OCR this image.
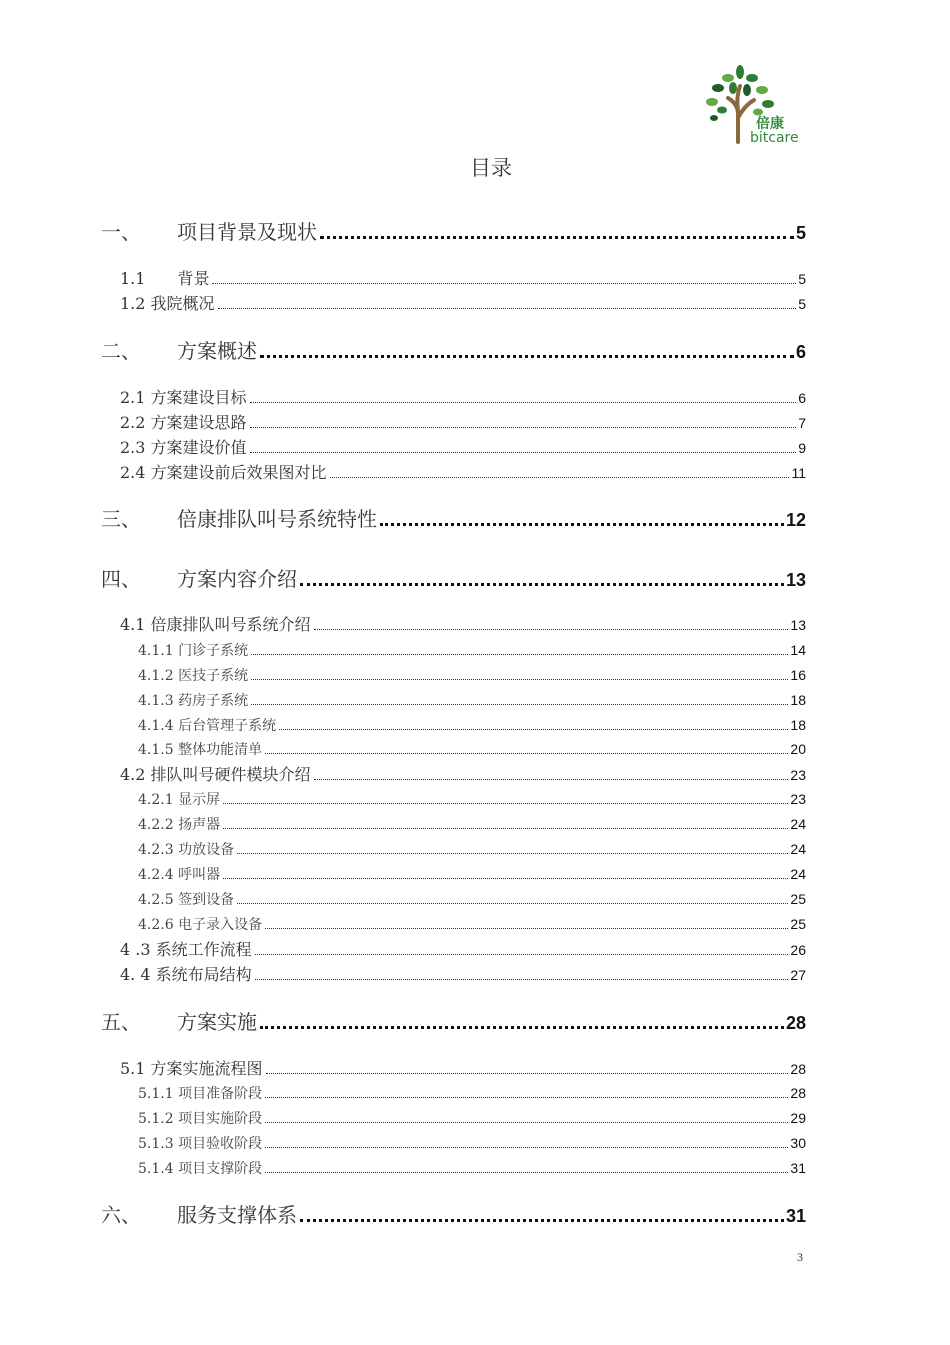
倍康
bitcare
目录
一、	项目背景及现状	5
1.1　　背景	5
1.2 我院概况	5
二、	方案概述	6
2.1 方案建设目标	6
2.2 方案建设思路	7
2.3 方案建设价值	9
2.4 方案建设前后效果图对比	11
三、	倍康排队叫号系统特性	12
四、	方案内容介绍	13
4.1 倍康排队叫号系统介绍	13
4.1.1 门诊子系统	14
4.1.2 医技子系统	16
4.1.3 药房子系统	18
4.1.4 后台管理子系统	18
4.1.5 整体功能清单	20
4.2 排队叫号硬件模块介绍	23
4.2.1 显示屏	23
4.2.2 扬声器	24
4.2.3 功放设备	24
4.2.4 呼叫器	24
4.2.5 签到设备	25
4.2.6 电子录入设备	25
4 .3 系统工作流程	26
4. 4 系统布局结构	27
五、	方案实施	28
5.1 方案实施流程图	28
5.1.1 项目准备阶段	28
5.1.2 项目实施阶段	29
5.1.3 项目验收阶段	30
5.1.4 项目支撑阶段	31
六、	服务支撑体系	31
3
